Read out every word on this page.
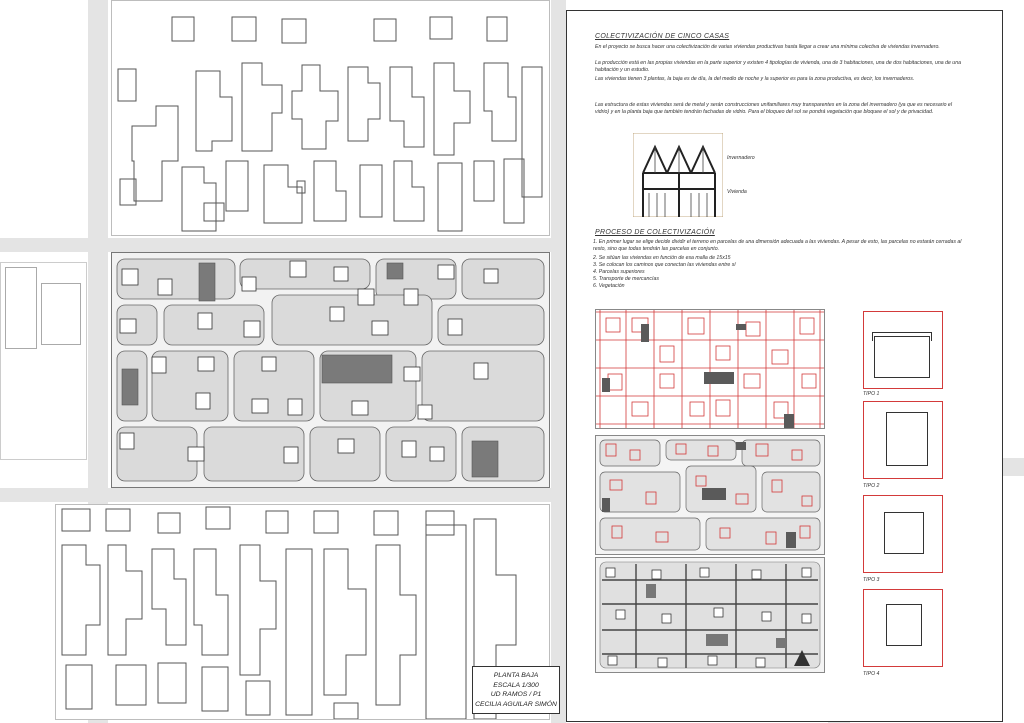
PLANTA BAJA
ESCALA 1/300
UD RAMOS / P1
CECILIA AGUILAR SIMÓN
COLECTIVIZACIÓN DE CINCO CASAS
En el proyecto se busca hacer una colectivización de varias viviendas productivas hasta llegar a crear una mínima colectiva de viviendas invernadero.
La producción está en las propias viviendas en la parte superior y existen 4 tipologías de vivienda, una de 3 habitaciones, una de dos habitaciones, una de una habitación y un estudio.
Las viviendas tienen 3 plantas, la baja es de día, la del medio de noche y la superior es para la zona productiva, es decir, los invernaderos.
Las estructura de estas viviendas será de metal y serán construcciones unifamiliares muy transparentes en la zona del invernadero (ya que es necesario el vidrio) y en la planta baja que también tendrán fachadas de vidrio. Para el bloqueo del sol se pondrá vegetación que bloquee el sol y de privacidad.
Invernadero
Vivienda
PROCESO DE COLECTIVIZACIÓN
1. En primer lugar se elige decide dividir el terreno en parcelas de una dimensión adecuada a las viviendas. A pesar de esto, las parcelas no estarán cerradas al resto, sino que todas tendrán las parcelas en conjunto.
2. Se sitúan las viviendas en función de esa malla de 15x15
3. Se colocan los caminos que conectan las viviendas entre sí
4. Parcelas superiores
5. Transporte de mercancías
6. Vegetación
TIPO 1
TIPO 2
TIPO 3
TIPO 4
